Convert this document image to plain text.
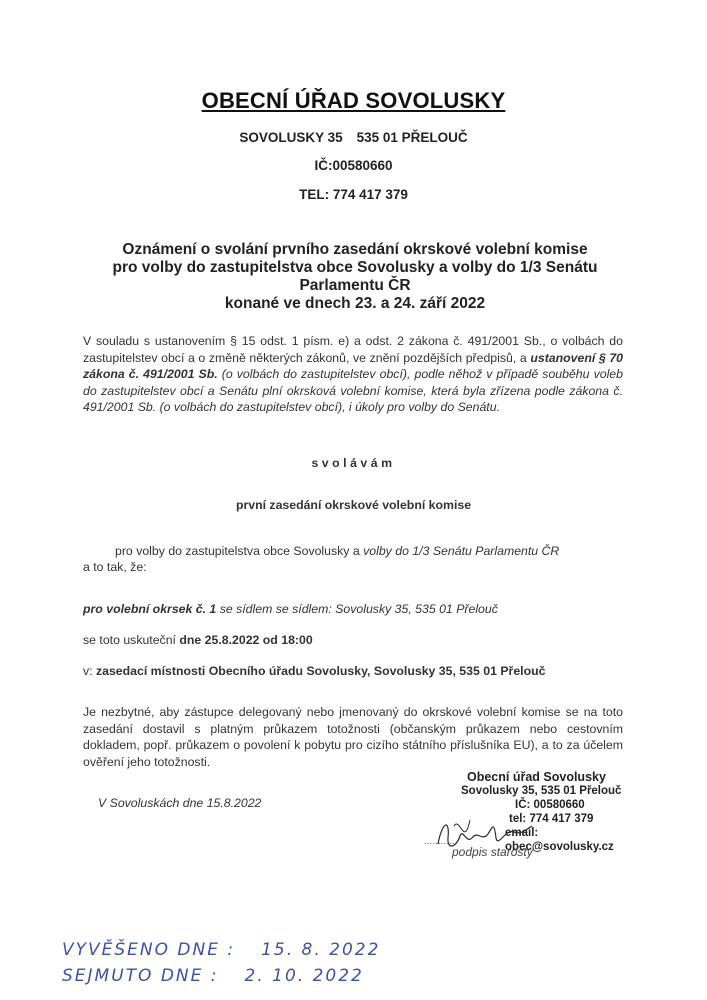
OBECNÍ ÚŘAD SOVOLUSKY
SOVOLUSKY 35 535 01 PŘELOUČ
IČ:00580660
TEL: 774 417 379
Oznámení o svolání prvního zasedání okrskové volební komise
pro volby do zastupitelstva obce Sovolusky a volby do 1/3 Senátu
Parlamentu ČR
konané ve dnech 23. a 24. září 2022
V souladu s ustanovením § 15 odst. 1 písm. e) a odst. 2 zákona č. 491/2001 Sb., o volbách do zastupitelstev obcí a o změně některých zákonů, ve znění pozdějších předpisů, a ustanovení § 70 zákona č. 491/2001 Sb. (o volbách do zastupitelstev obcí), podle něhož v případě souběhu voleb do zastupitelstev obcí a Senátu plní okrsková volební komise, která byla zřízena podle zákona č. 491/2001 Sb. (o volbách do zastupitelstev obcí), i úkoly pro volby do Senátu.
svolávám
první zasedání okrskové volební komise
pro volby do zastupitelstva obce Sovolusky a volby do 1/3 Senátu Parlamentu ČR
a to tak, že:
pro volební okrsek č. 1 se sídlem se sídlem: Sovolusky 35, 535 01 Přelouč
se toto uskuteční dne 25.8.2022 od 18:00
v: zasedací místnosti Obecního úřadu Sovolusky, Sovolusky 35, 535 01 Přelouč
Je nezbytné, aby zástupce delegovaný nebo jmenovaný do okrskové volební komise se na toto zasedání dostavil s platným průkazem totožnosti (občanským průkazem nebo cestovním dokladem, popř. průkazem o povolení k pobytu pro cizího státního příslušníka EU), a to za účelem ověření jeho totožnosti.
V Sovoluskách dne 15.8.2022
Obecní úřad Sovolusky
Sovolusky 35, 535 01 Přelouč
IČ: 00580660
tel: 774 417 379
email: obec@sovolusky.cz
...........
podpis starosty
VYVĚŠENO DNE : 15. 8. 2022
SEJMUTO DNE : 2. 10. 2022
